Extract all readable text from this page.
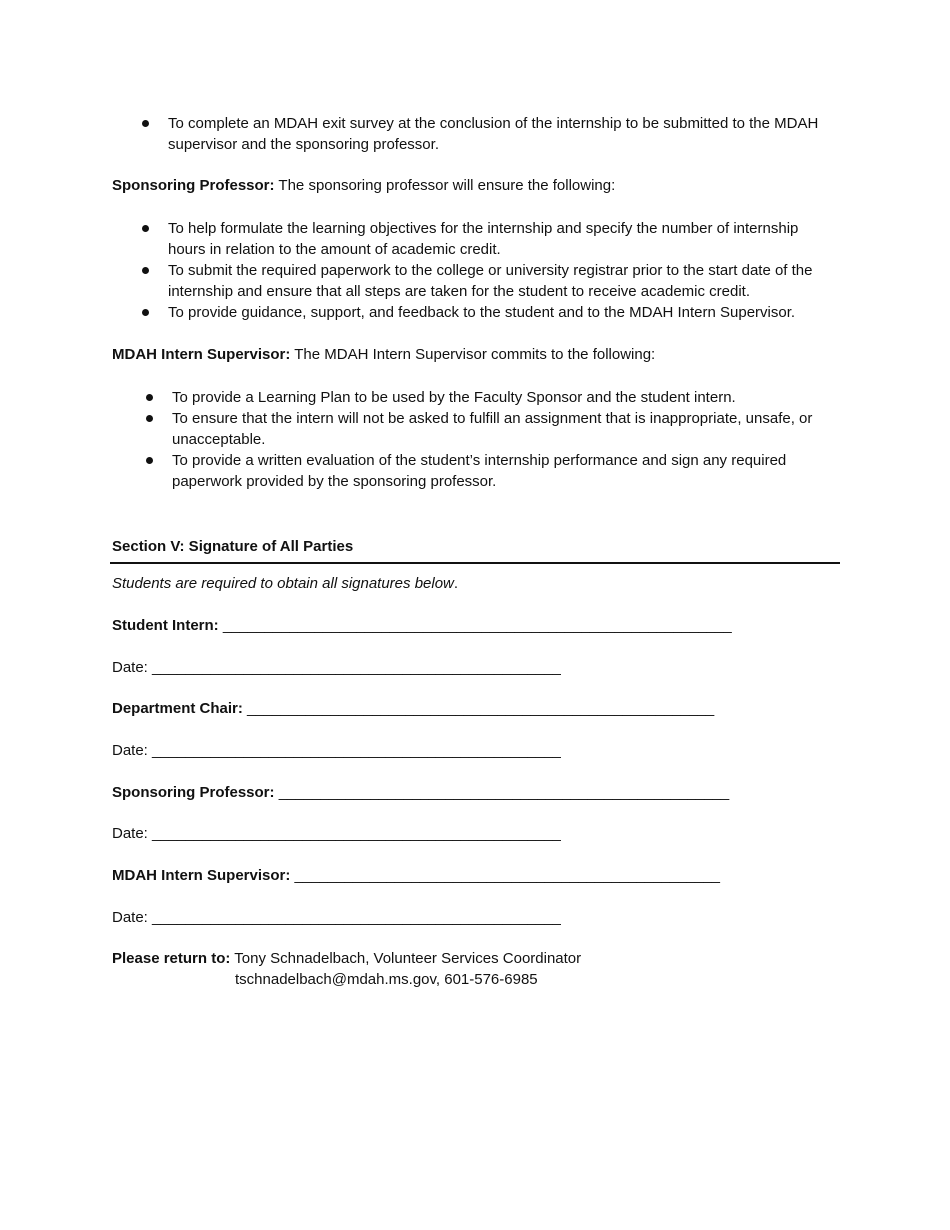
To complete an MDAH exit survey at the conclusion of the internship to be submitted to the MDAH supervisor and the sponsoring professor.

Sponsoring Professor: The sponsoring professor will ensure the following:

To help formulate the learning objectives for the internship and specify the number of internship hours in relation to the amount of academic credit.
To submit the required paperwork to the college or university registrar prior to the start date of the internship and ensure that all steps are taken for the student to receive academic credit.
To provide guidance, support, and feedback to the student and to the MDAH Intern Supervisor.

MDAH Intern Supervisor: The MDAH Intern Supervisor commits to the following:

To provide a Learning Plan to be used by the Faculty Sponsor and the student intern.
To ensure that the intern will not be asked to fulfill an assignment that is inappropriate, unsafe, or unacceptable.
To provide a written evaluation of the student’s internship performance and sign any required paperwork provided by the sponsoring professor.
Section V: Signature of All Parties

Students are required to obtain all signatures below.

Student Intern: _____________________________________________________________
Date: _________________________________________________
Department Chair: ________________________________________________________
Date: _________________________________________________
Sponsoring Professor: ______________________________________________________
Date: _________________________________________________
MDAH Intern Supervisor: ___________________________________________________
Date: _________________________________________________
Please return to: Tony Schnadelbach, Volunteer Services Coordinator
tschnadelbach@mdah.ms.gov, 601-576-6985
